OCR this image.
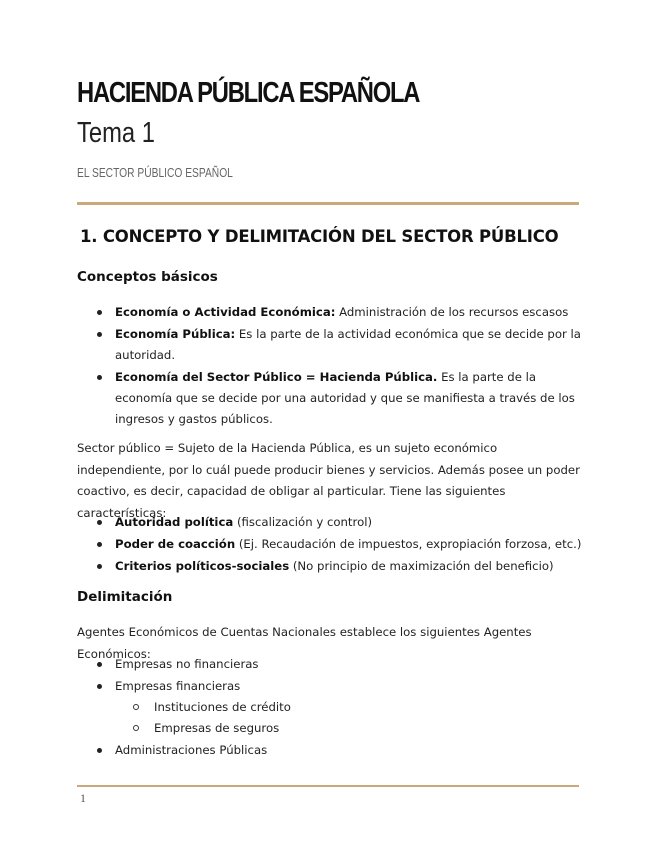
HACIENDA PÚBLICA ESPAÑOLA
Tema 1
EL SECTOR PÚBLICO ESPAÑOL
1. CONCEPTO Y DELIMITACIÓN DEL SECTOR PÚBLICO
Conceptos básicos
Economía o Actividad Económica: Administración de los recursos escasos
Economía Pública: Es la parte de la actividad económica que se decide por la autoridad.
Economía del Sector Público = Hacienda Pública. Es la parte de la economía que se decide por una autoridad y que se manifiesta a través de los ingresos y gastos públicos.
Sector público = Sujeto de la Hacienda Pública, es un sujeto económico independiente, por lo cuál puede producir bienes y servicios. Además posee un poder coactivo, es decir, capacidad de obligar al particular. Tiene las siguientes características:
Autoridad política (fiscalización y control)
Poder de coacción (Ej. Recaudación de impuestos, expropiación forzosa, etc.)
Criterios políticos-sociales (No principio de maximización del beneficio)
Delimitación
Agentes Económicos de Cuentas Nacionales establece los siguientes Agentes Económicos:
Empresas no financieras
Empresas financieras
Instituciones de crédito
Empresas de seguros
Administraciones Públicas
1
